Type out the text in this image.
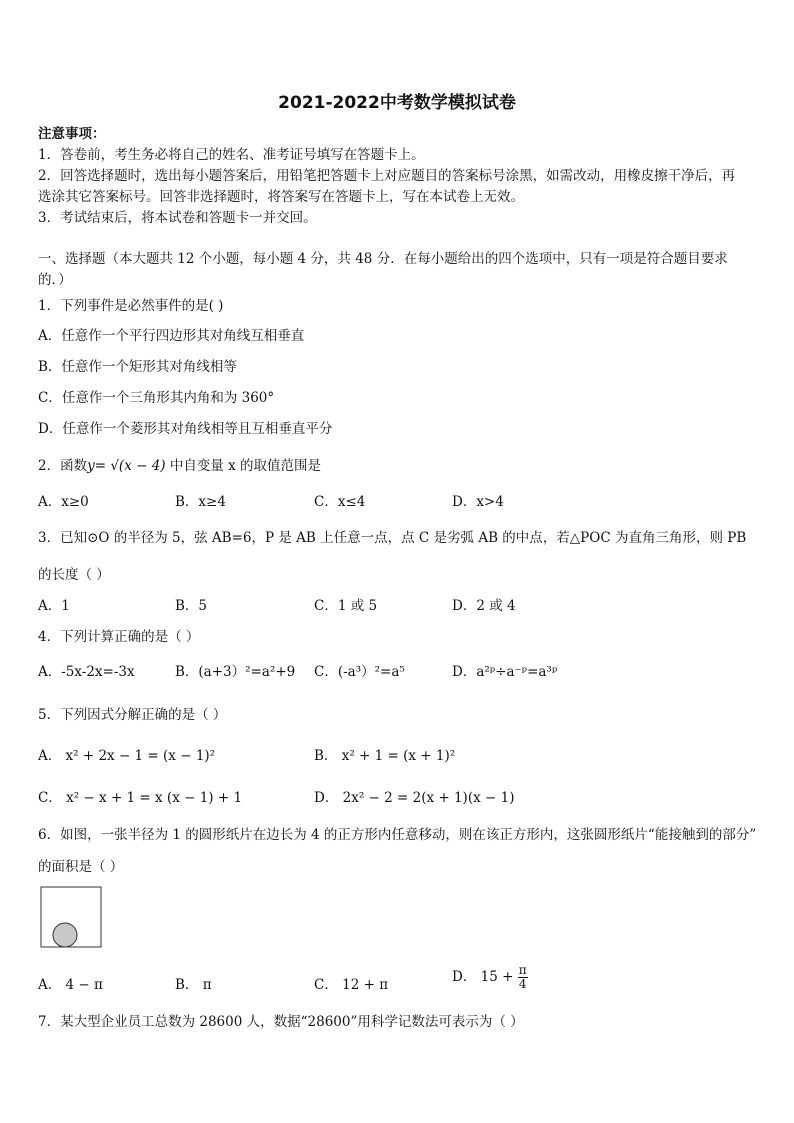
2021-2022中考数学模拟试卷
注意事项：
1．答卷前，考生务必将自己的姓名、准考证号填写在答题卡上。
2．回答选择题时，选出每小题答案后，用铅笔把答题卡上对应题目的答案标号涂黑，如需改动，用橡皮擦干净后，再
选涂其它答案标号。回答非选择题时，将答案写在答题卡上，写在本试卷上无效。
3．考试结束后，将本试卷和答题卡一并交回。
一、选择题（本大题共 12 个小题，每小题 4 分，共 48 分．在每小题给出的四个选项中，只有一项是符合题目要求
的．）
1．下列事件是必然事件的是( )
A．任意作一个平行四边形其对角线互相垂直
B．任意作一个矩形其对角线相等
C．任意作一个三角形其内角和为 360°
D．任意作一个菱形其对角线相等且互相垂直平分
2．函数y= √(x − 4) 中自变量 x 的取值范围是
A．x≥0	B．x≥4	C．x≤4	D．x>4
3．已知⊙O 的半径为 5，弦 AB=6，P 是 AB 上任意一点，点 C 是劣弧 AB 的中点，若△POC 为直角三角形，则 PB
的长度（ ）
A．1	B．5	C．1 或 5	D．2 或 4
4．下列计算正确的是（ ）
A．-5x-2x=-3x	B．(a+3）²=a²+9 C．(-a³）²=a⁵	D．a²ᵖ÷a⁻ᵖ=a³ᵖ
5．下列因式分解正确的是（ ）
A． x² + 2x − 1 = (x − 1)²	B． x² + 1 = (x + 1)²
C． x² − x + 1 = x (x − 1) + 1	D． 2x² − 2 = 2(x + 1)(x − 1)
6．如图，一张半径为 1 的圆形纸片在边长为 4 的正方形内任意移动，则在该正方形内，这张圆形纸片“能接触到的部分”
的面积是（ ）
A． 4 − π	B． π	C． 12 + π	D． $15 + \frac{\pi}{4}$
7．某大型企业员工总数为 28600 人，数据“28600”用科学记数法可表示为（ ）
